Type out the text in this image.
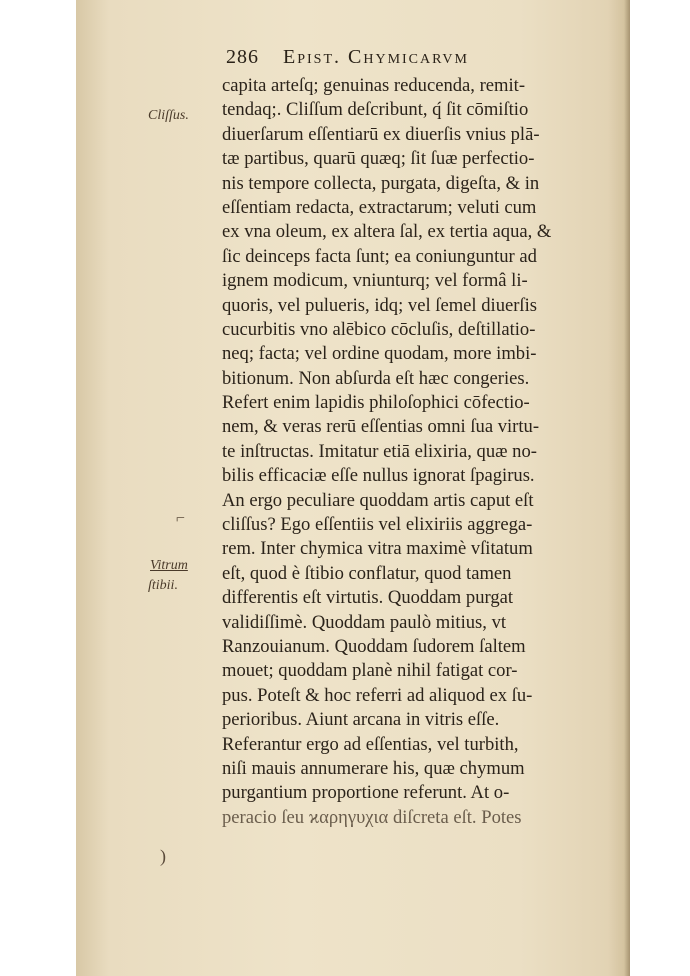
286 Epist. Chymicarvm
Cliſſus.
Vitrum
ſtibii.
⌐
)
capita arteſq; genuinas reducenda, remit-
tendaq;. Cliſſum deſcribunt, q́ ſit cōmiſtio
diuerſarum eſſentiarū ex diuerſis vnius plā-
tæ partibus, quarū quæq; ſit ſuæ perfectio-
nis tempore collecta, purgata, digeſta, & in
eſſentiam redacta, extractarum; veluti cum
ex vna oleum, ex altera ſal, ex tertia aqua, &
ſic deinceps facta ſunt; ea coniunguntur ad
ignem modicum, vniunturq; vel formâ li-
quoris, vel pulueris, idq; vel ſemel diuerſis
cucurbitis vno alēbico cōcluſis, deſtillatio-
neq; facta; vel ordine quodam, more imbi-
bitionum. Non abſurda eſt hæc congeries.
Refert enim lapidis philoſophici cōfectio-
nem, & veras rerū eſſentias omni ſua virtu-
te inſtructas. Imitatur etiā elixiria, quæ no-
bilis efficaciæ eſſe nullus ignorat ſpagirus.
An ergo peculiare quoddam artis caput eſt
cliſſus? Ego eſſentiis vel elixiriis aggrega-
rem. Inter chymica vitra maximè vſitatum
eſt, quod è ſtibio conflatur, quod tamen
differentis eſt virtutis. Quoddam purgat
validiſſimè. Quoddam paulò mitius, vt
Ranzouianum. Quoddam ſudorem ſaltem
mouet; quoddam planè nihil fatigat cor-
pus. Poteſt & hoc referri ad aliquod ex ſu-
perioribus. Aiunt arcana in vitris eſſe.
Referantur ergo ad eſſentias, vel turbith,
niſi mauis annumerare his, quæ chymum
purgantium proportione referunt. At o-
peracio ſeu ϰαρηγυχια diſcreta eſt. Potes
